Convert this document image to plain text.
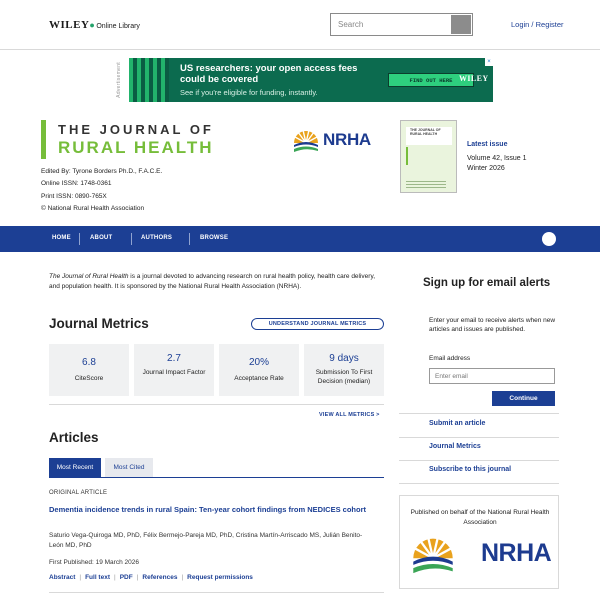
WILEY●Online Library
Search	Login / Register
Advertisement	US researchers: your open access fees could be covered
See if you're eligible for funding, instantly.
FIND OUT HERE WILEY
×
THE JOURNAL OF
RURAL HEALTH
Edited By: Tyrone Borders Ph.D., F.A.C.E.
Online ISSN: 1748-0361
Print ISSN: 0890-765X
© National Rural Health Association
NRHA	THE JOURNAL OF RURAL HEALTH
Latest issue
Volume 42, Issue 1
Winter 2026
HOME	ABOUT	AUTHORS	BROWSE
The Journal of Rural Health is a journal devoted to advancing research on rural health policy, health care delivery, and population health. It is sponsored by the National Rural Health Association (NRHA).
Journal Metrics	UNDERSTAND JOURNAL METRICS
6.8
CiteScore
2.7
Journal Impact Factor
20%
Acceptance Rate
9 days
Submission To First Decision (median)
VIEW ALL METRICS >
Articles
Most Recent	Most Cited
ORIGINAL ARTICLE
Dementia incidence trends in rural Spain: Ten-year cohort findings from NEDICES cohort
Saturio Vega-Quiroga MD, PhD, Félix Bermejo-Pareja MD, PhD, Cristina Martín-Arriscado MS, Julián Benito-León MD, PhD
First Published: 19 March 2026
Abstract | Full text | PDF | References | Request permissions
Sign up for email alerts
Enter your email to receive alerts when new articles and issues are published.
Email address
Enter email
Continue
Submit an article
Journal Metrics
Subscribe to this journal
Published on behalf of the National Rural Health Association
NRHA
